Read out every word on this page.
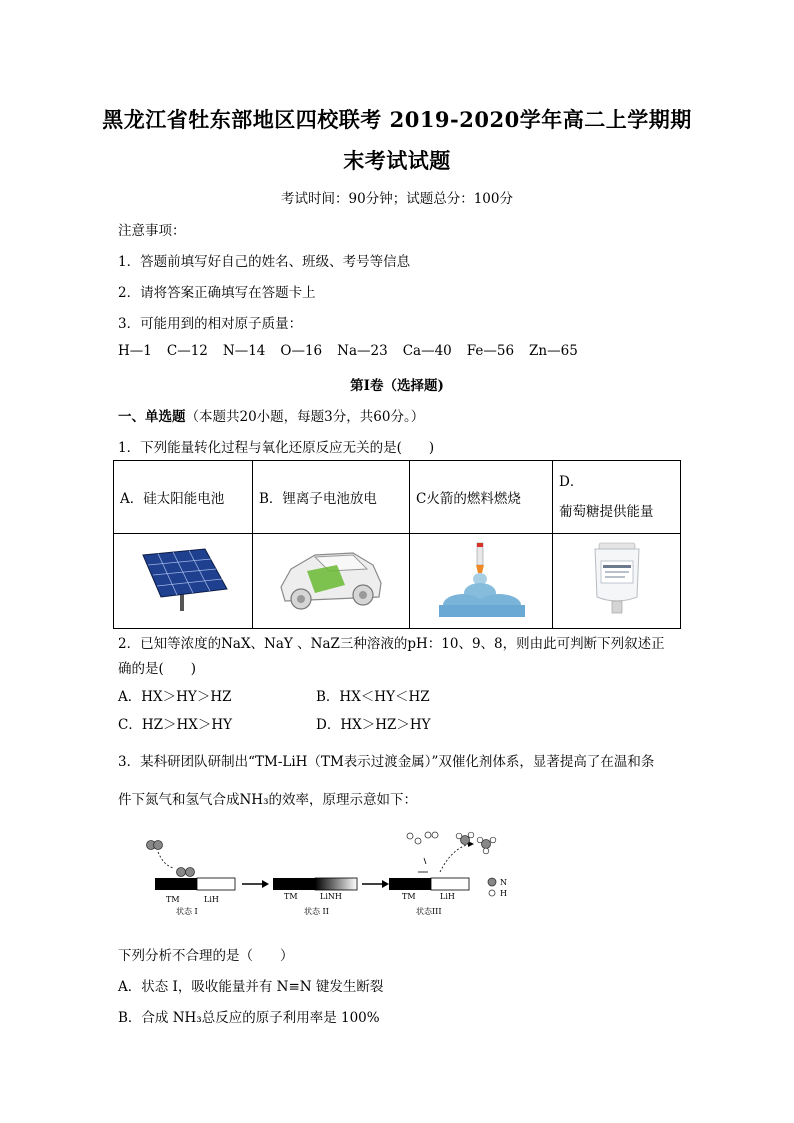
黑龙江省牡东部地区四校联考 2019-2020学年高二上学期期
末考试试题
考试时间：90分钟；试题总分：100分
注意事项：
1．答题前填写好自己的姓名、班级、考号等信息
2．请将答案正确填写在答题卡上
3．可能用到的相对原子质量：
H—1 C—12 N—14 O—16 Na—23 Ca—40 Fe—56 Zn—65
第I卷（选择题)
一、单选题（本题共20小题，每题3分，共60分。）
1．下列能量转化过程与氧化还原反应无关的是(　　)
A．硅太阳能电池	B．锂离子电池放电	C火箭的燃料燃烧	D．
葡萄糖提供能量

2．已知等浓度的NaX、NaY 、NaZ三种溶液的pH：10、9、8，则由此可判断下列叙述正
确的是(　　)
A．HX＞HY＞HZ	B．HX＜HY＜HZ
C．HZ＞HX＞HY	D．HX＞HZ＞HY
3．某科研团队研制出“TM-LiH（TM表示过渡金属）”双催化剂体系，显著提高了在温和条
件下氮气和氢气合成NH₃的效率，原理示意如下：
TM	LiH
状态 I
TM	LiNH
状态 II
TM	LiH
状态III
N
H
下列分析不合理的是（　　）
A．状态 I，吸收能量并有 N≡N 键发生断裂
B．合成 NH₃总反应的原子利用率是 100%
